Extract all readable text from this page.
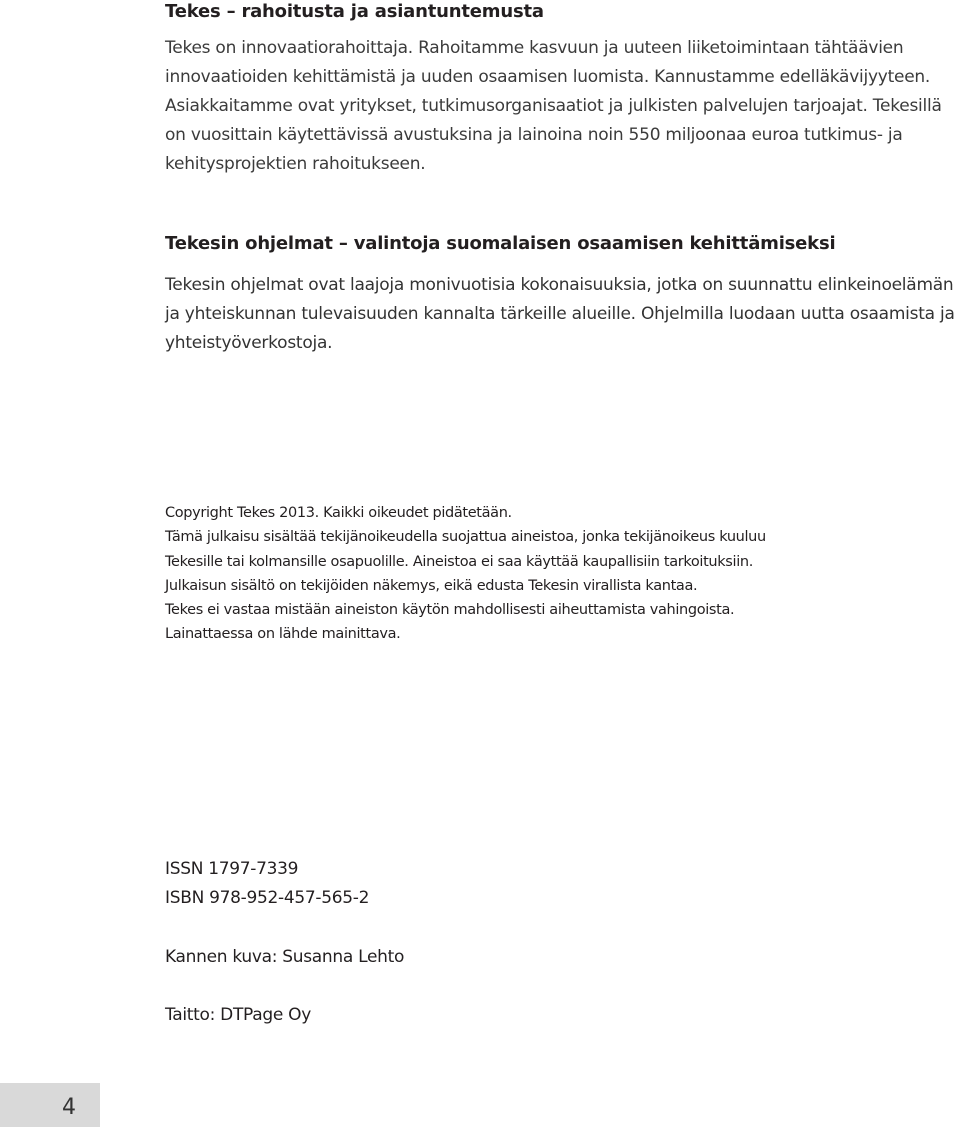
Tekes – rahoitusta ja asiantuntemusta

Tekes on innovaatiorahoittaja. Rahoitamme kasvuun ja uuteen liiketoimintaan tähtäävien
innovaatioiden kehittämistä ja uuden osaamisen luomista. Kannustamme edelläkävijyyteen.
Asiakkaitamme ovat yritykset, tutkimusorganisaatiot ja julkisten palvelujen tarjoajat. Tekesillä
on vuosittain käytettävissä avustuksina ja lainoina noin 550 miljoonaa euroa tutkimus- ja
kehitysprojektien rahoitukseen.

Tekesin ohjelmat – valintoja suomalaisen osaamisen kehittämiseksi

Tekesin ohjelmat ovat laajoja monivuotisia kokonaisuuksia, jotka on suunnattu elinkeinoelämän
ja yhteiskunnan tulevaisuuden kannalta tärkeille alueille. Ohjelmilla luodaan uutta osaamista ja
yhteistyöverkostoja.

Copyright Tekes 2013. Kaikki oikeudet pidätetään.
Tämä julkaisu sisältää tekijänoikeudella suojattua aineistoa, jonka tekijänoikeus kuuluu
Tekesille tai kolmansille osapuolille. Aineistoa ei saa käyttää kaupallisiin tarkoituksiin.
Julkaisun sisältö on tekijöiden näkemys, eikä edusta Tekesin virallista kantaa.
Tekes ei vastaa mistään aineiston käytön mahdollisesti aiheuttamista vahingoista.
Lainattaessa on lähde mainittava.

ISSN 1797-7339
ISBN 978-952-457-565-2
Kannen kuva: Susanna Lehto
Taitto: DTPage Oy
4
